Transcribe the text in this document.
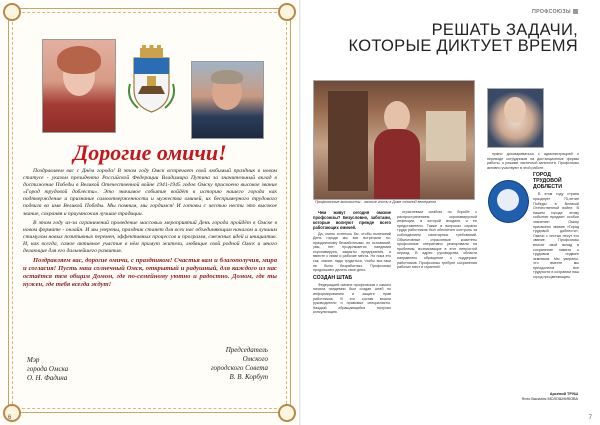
Дорогие омичи!

Поздравляем вас с Днём города! В этом году Омск встречает свой любимый праздник в новом статусе - указом президента Российской Федерации Владимира Путина за значительный вклад в достижение Победы в Великой Отечественной войне 1941-1945 годов Омску присвоено высокое звание «Город трудовой доблести». Это значимое событие войдёт в историю нашего города как подтверждение и признание самоотверженности и мужества омичей, их беспримерного трудового подвига во имя Великой Победы. Мы помним, мы гордимся! И готовы с честью нести это высокое звание, сохраняя и приумножая лучшие традиции.

В этом году из-за ограничений проведение массовых мероприятий День города пройдёт в Омске в новом формате - онлайн. И мы уверены, праздник станет для всех нас объединяющим началом и лучшим стимулом новых позитивных перемен, эффективных процессов и программ, смежных идей и инициатив. И, как всегда, самое активное участие в нём примут жители, любящие свой родной Омск и много делающие для его дальнейшего развития.

Поздравляем вас, дорогие омичи, с праздником! Счастья вам и благополучия, мира и согласия! Пусть наш солнечный Омск, открытый и радушный, для каждого из нас остаётся тем общим Домом, где по-семейному уютно и радостно. Домом, где ты нужен, где тебя всегда ждут!

Мэр
города Омска
О. Н. Фадина
Председатель
Омского
городского Совета
В. В. Корбут
6
ПРОФСОЮЗЫ
РЕШАТЬ ЗАДАЧИ,
КОТОРЫЕ ДИКТУЕТ ВРЕМЯ
Профсоюзные активисты - частые гости в Доме союзной ветеранов

Чем живут сегодня омские профсоюзы? Безусловно, заботами, которые волнуют прежде всего работающих омичей.

Да, очень хотелось бы, чтобы нынешний День города мы все встречали по-праздничному беззаботными, но оснований, увы, нет: продолжается пандемия коронавируса, закрыты предприятия, а вместе с ними и рабочие места. Но пока это так, значит, надо трудиться, чтобы все-таки не было безработных. Профсоюзы продолжают делать свое дело.

СОЗДАН ШТАБ

Федерацией омских профсоюзов с самого начала пандемии был создан штаб по информированию и защите прав работников. В его состав вошли руководители и правовые специалисты. Каждый обращающийся получал консультацию.

отраслевым штабом по борьбе с распространением коронавирусной инфекции, в которой входили и ее представители. Также в вопросах охраны труда работников был обеспечен контроль за соблюдением санитарных требований. Объективные отраслевые комитеты профсоюзов оперативно реагировали на проблемы, возникающие в этот непростой период. В адрес руководства области направлено обращение о поддержке работников. Профсоюзы требуют сохранения рабочих мест и гарантий.

нужно договариваться с администрацией о переводе сотрудников на дистанционные формы работы, о режиме частичной занятости. Профсоюзы активно участвуют в этой работе.

ГОРОД ТРУДОВОЙ ДОБЛЕСТИ

В этом году страна празднует 75-летие Победы в Великой Отечественной войне. В нашем городе этому событию придают особое значение: Омску присвоено звание «Город трудовой доблести». Омичи с честью несут это звание. Профсоюзы вносят свой вклад в сохранение памяти о трудовом подвиге земляков. Мы уверены, что вместе мы преодолеем все трудности и сохраним наш город процветающим.

Арсений ТРУШ
Фото Василия МОЛОШНИКОВА
7
